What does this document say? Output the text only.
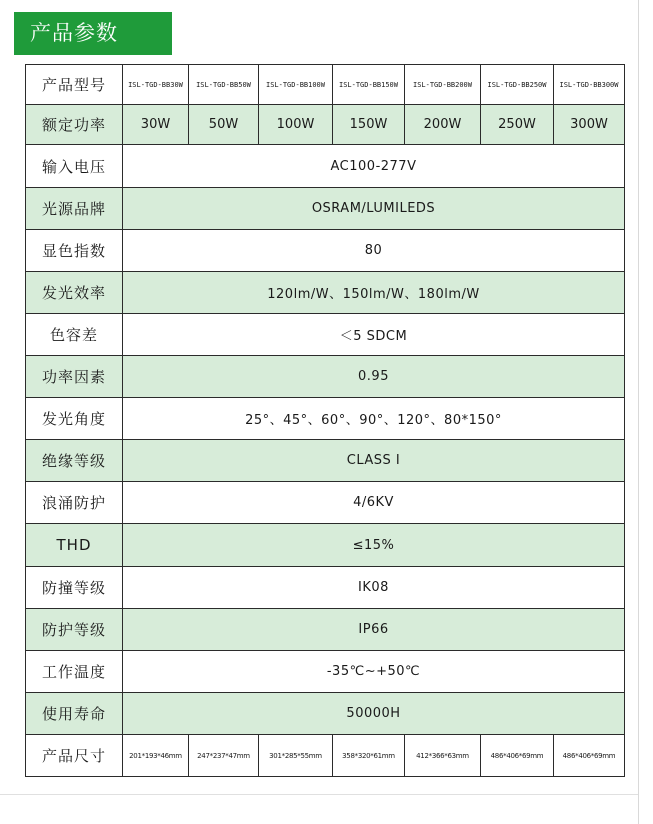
产品参数
产品型号	ISL-TGD-BB30W	ISL-TGD-BB50W	ISL-TGD-BB100W	ISL-TGD-BB150W	ISL-TGD-BB200W	ISL-TGD-BB250W	ISL-TGD-BB300W
额定功率	30W	50W	100W	150W	200W	250W	300W
输入电压	AC100-277V						
光源品牌	OSRAM/LUMILEDS						
显色指数	80						
发光效率	120lm/W、150lm/W、180lm/W						
色容差	＜5 SDCM						
功率因素	0.95						
发光角度	25°、45°、60°、90°、120°、80*150°						
绝缘等级	CLASS I						
浪涌防护	4/6KV						
THD	≤15%						
防撞等级	IK08						
防护等级	IP66						
工作温度	-35℃~+50℃						
使用寿命	50000H						
产品尺寸	201*193*46mm	247*237*47mm	301*285*55mm	358*320*61mm	412*366*63mm	486*406*69mm	486*406*69mm
